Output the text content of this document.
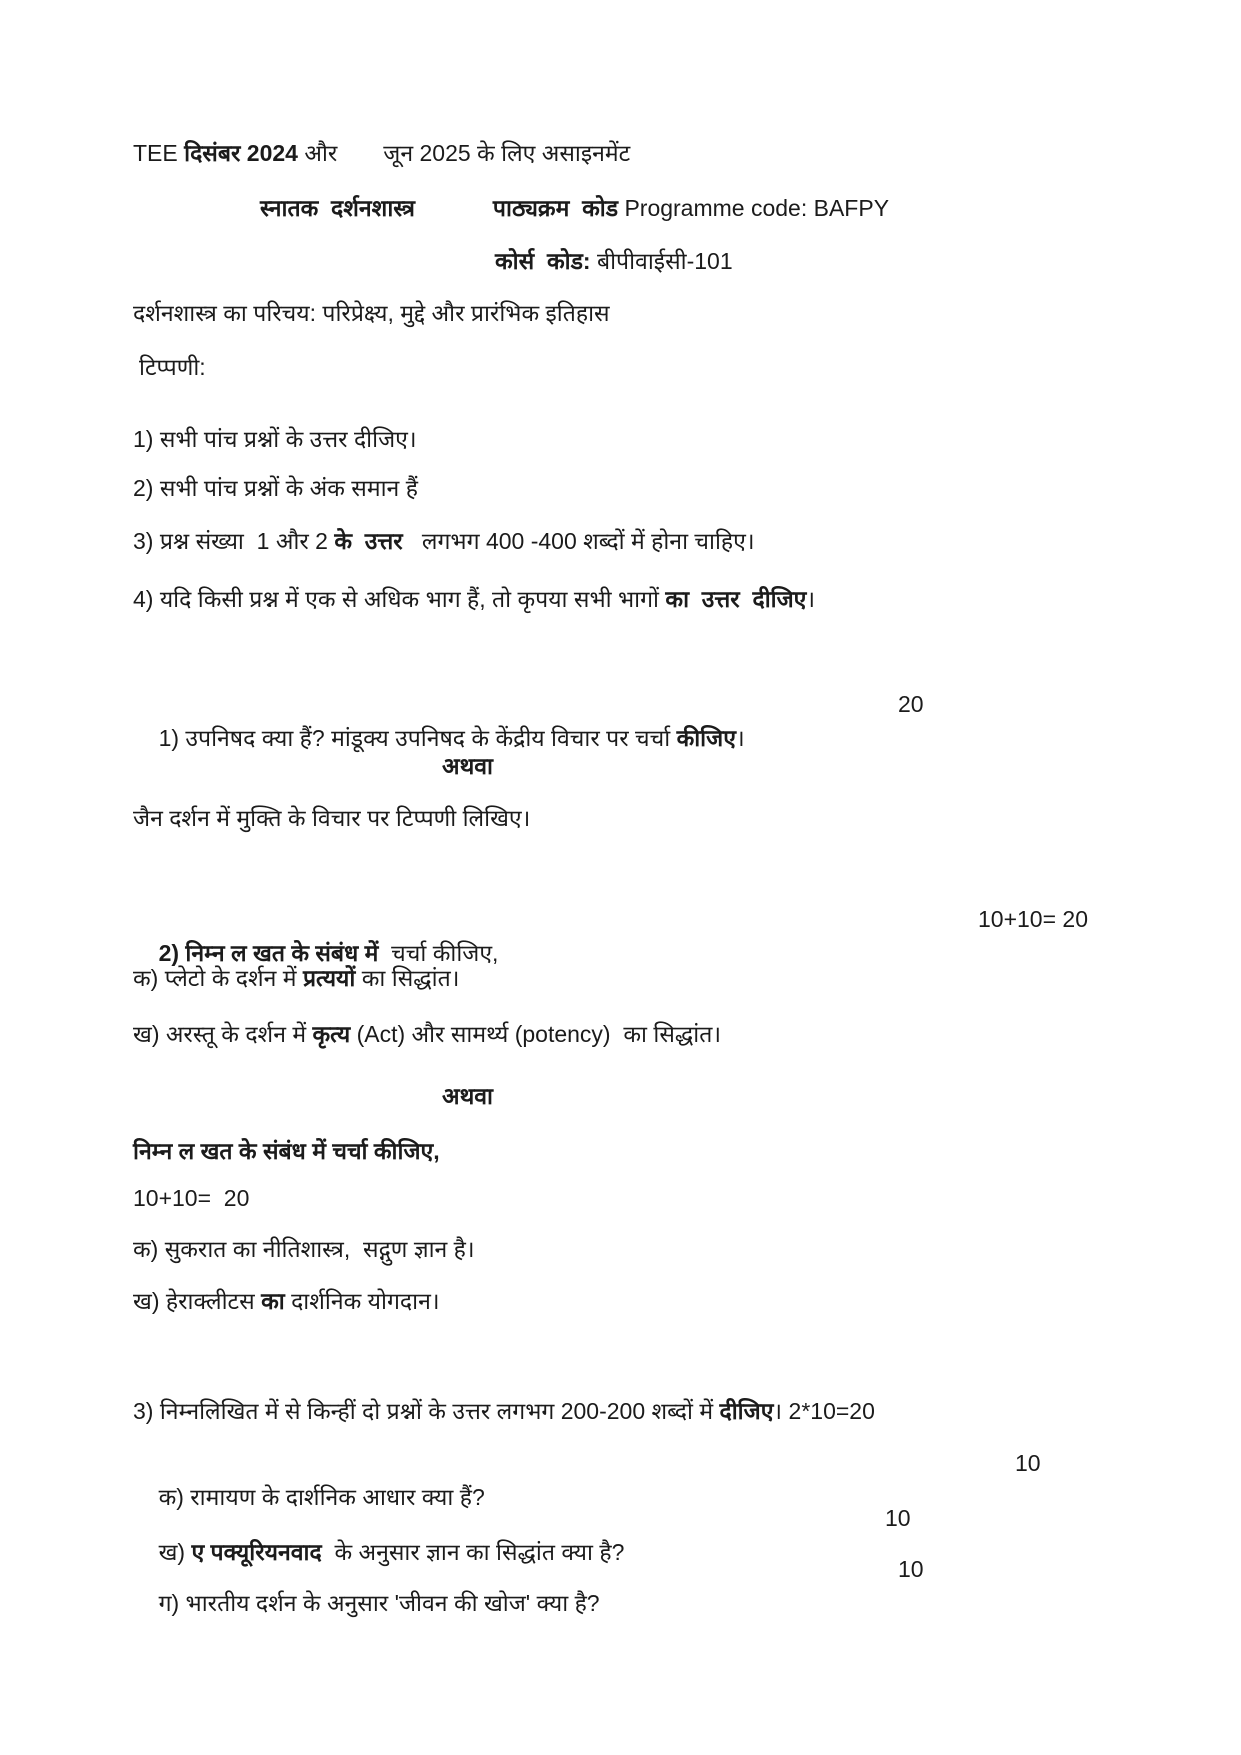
TEE दिसंबर 2024 और जून 2025 के लिए असाइनमेंट
स्नातक  दर्शनशास्त्र	पाठ्यक्रम  कोड Programme code: BAFPY
कोर्स  कोड: बीपीवाईसी-101
दर्शनशास्त्र का परिचय: परिप्रेक्ष्य, मुद्दे और प्रारंभिक इतिहास
टिप्पणी:
1) सभी पांच प्रश्नों के उत्तर दीजिए।
2) सभी पांच प्रश्नों के अंक समान हैं
3) प्रश्न संख्या  1 और 2 के  उत्तर   लगभग 400 -400 शब्दों में होना चाहिए।
4) यदि किसी प्रश्न में एक से अधिक भाग हैं, तो कृपया सभी भागों का  उत्तर  दीजिए।

1) उपनिषद क्या हैं? मांडूक्य उपनिषद के केंद्रीय विचार पर चर्चा कीजिए।

20

अथवा
जैन दर्शन में मुक्ति के विचार पर टिप्पणी लिखिए।

2) निम्न ल खत के संबंध में  चर्चा कीजिए,

10+10= 20

क) प्लेटो के दर्शन में प्रत्ययों का सिद्धांत।
ख) अरस्तू के दर्शन में कृत्य (Act) और सामर्थ्य (potency)  का सिद्धांत।
अथवा
निम्न ल खत के संबंध में चर्चा कीजिए,
10+10=  20
क) सुकरात का नीतिशास्त्र,  सद्गुण ज्ञान है।
ख) हेराक्लीटस का दार्शनिक योगदान।
3) निम्नलिखित में से किन्हीं दो प्रश्नों के उत्तर लगभग 200-200 शब्दों में दीजिए। 2*10=20

क) रामायण के दार्शनिक आधार क्या हैं?

10

ख) ए पक्यूरियनवाद  के अनुसार ज्ञान का सिद्धांत क्या है?

10

ग) भारतीय दर्शन के अनुसार 'जीवन की खोज' क्या है?

10
